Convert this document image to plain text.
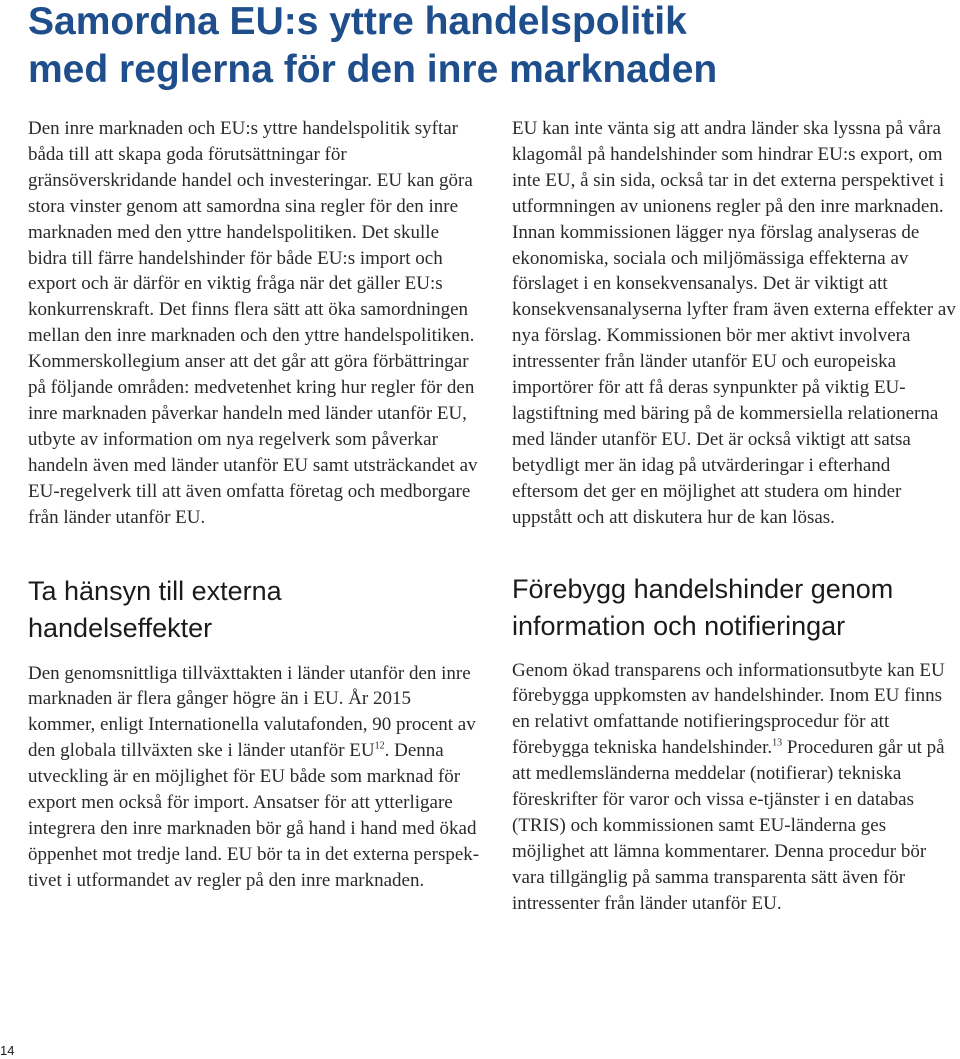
Samordna EU:s yttre handelspolitik
med reglerna för den inre marknaden

Den inre marknaden och EU:s yttre handelspolitik syftar båda till att skapa goda förutsättningar för gränsöverskridande handel och investeringar. EU kan göra stora vinster genom att samordna sina regler för den inre marknaden med den yttre handelspolitiken. Det skulle bidra till färre handelshinder för både EU:s import och export och är därför en viktig fråga när det gäller EU:s konkurrenskraft. Det finns flera sätt att öka samordningen mellan den inre marknaden och den yttre handelspolitiken. Kommerskollegium anser att det går att göra förbättringar på följande områden: medvetenhet kring hur regler för den inre marknaden påverkar handeln med länder utanför EU, utbyte av information om nya regelverk som påverkar handeln även med länder utanför EU samt utsträckandet av EU-regelverk till att även omfatta företag och medborgare från länder utanför EU.

Ta hänsyn till externa
handelseffekter

Den genomsnittliga tillväxttakten i länder utanför den inre marknaden är flera gånger högre än i EU. År 2015 kommer, enligt Internationella valutafonden, 90 procent av den globala tillväxten ske i länder utanför EU$^{12}$. Denna utveckling är en möjlighet för EU både som marknad för export men också för import. Ansatser för att ytterligare integrera den inre marknaden bör gå hand i hand med ökad öppenhet mot tredje land. EU bör ta in det externa perspektivet i utformandet av regler på den inre marknaden.

EU kan inte vänta sig att andra länder ska lyssna på våra klagomål på handelshinder som hindrar EU:s export, om inte EU, å sin sida, också tar in det externa perspektivet i utformningen av unionens regler på den inre marknaden. Innan kommissionen lägger nya förslag analyseras de ekonomiska, sociala och miljömässiga effekterna av förslaget i en konsekvensanalys. Det är viktigt att konsekvensanalyserna lyfter fram även externa effekter av nya förslag. Kommissionen bör mer aktivt involvera intressenter från länder utanför EU och europeiska importörer för att få deras synpunkter på viktig EU-lagstiftning med bäring på de kommersiella relationerna med länder utanför EU. Det är också viktigt att satsa betydligt mer än idag på utvärderingar i efterhand eftersom det ger en möjlighet att studera om hinder uppstått och att diskutera hur de kan lösas.

Förebygg handelshinder genom
information och notifieringar

Genom ökad transparens och informationsutbyte kan EU förebygga uppkomsten av handelshinder. Inom EU finns en relativt omfattande notifieringsprocedur för att förebygga tekniska handelshinder.$^{13}$ Proceduren går ut på att medlemsländerna meddelar (notifierar) tekniska föreskrifter för varor och vissa e-tjänster i en databas (TRIS) och kommissionen samt EU-länderna ges möjlighet att lämna kommentarer. Denna procedur bör vara tillgänglig på samma transparenta sätt även för intressenter från länder utanför EU.

14
